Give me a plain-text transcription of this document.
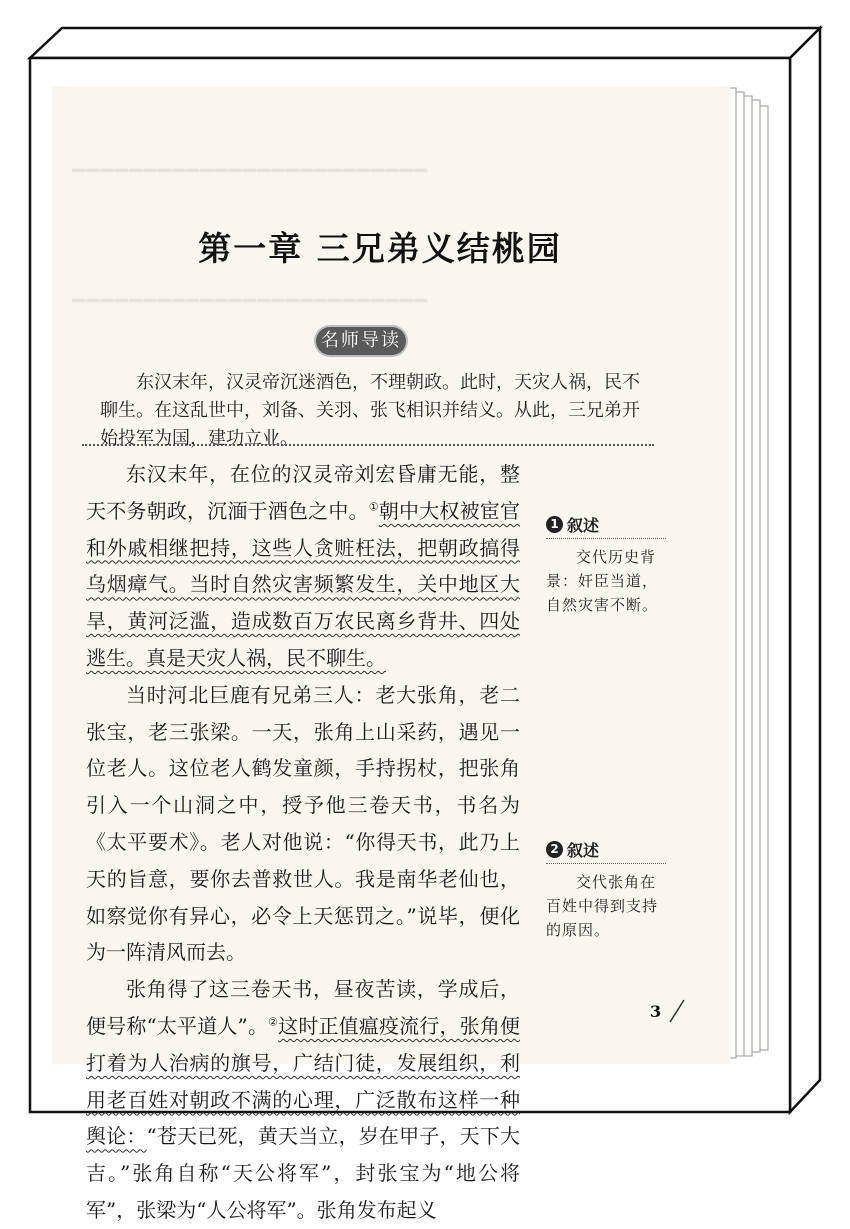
━━━━━━━━━━━━━━━━━━━━━━━━━
━━━━━━━━━━━━━━━━━━━━━━━━━
第一章 三兄弟义结桃园
名师导读
东汉末年，汉灵帝沉迷酒色，不理朝政。此时，天灾人祸，民不聊生。在这乱世中，刘备、关羽、张飞相识并结义。从此，三兄弟开始投军为国，建功立业。

东汉末年，在位的汉灵帝刘宏昏庸无能，整天不务朝政，沉湎于酒色之中。①朝中大权被宦官和外戚相继把持，这些人贪赃枉法，把朝政搞得乌烟瘴气。当时自然灾害频繁发生，关中地区大旱，黄河泛滥，造成数百万农民离乡背井、四处逃生。真是天灾人祸，民不聊生。

当时河北巨鹿有兄弟三人：老大张角，老二张宝，老三张梁。一天，张角上山采药，遇见一位老人。这位老人鹤发童颜，手持拐杖，把张角引入一个山洞之中，授予他三卷天书，书名为《太平要术》。老人对他说：“你得天书，此乃上天的旨意，要你去普救世人。我是南华老仙也，如察觉你有异心，必令上天惩罚之。”说毕，便化为一阵清风而去。

张角得了这三卷天书，昼夜苦读，学成后，便号称“太平道人”。②这时正值瘟疫流行，张角便打着为人治病的旗号，广结门徒，发展组织，利用老百姓对朝政不满的心理，广泛散布这样一种舆论：“苍天已死，黄天当立，岁在甲子，天下大吉。”张角自称“天公将军”，封张宝为“地公将军”，张梁为“人公将军”。张角发布起义

1 叙述
交代历史背景：奸臣当道，自然灾害不断。
2 叙述
交代张角在百姓中得到支持的原因。
3
